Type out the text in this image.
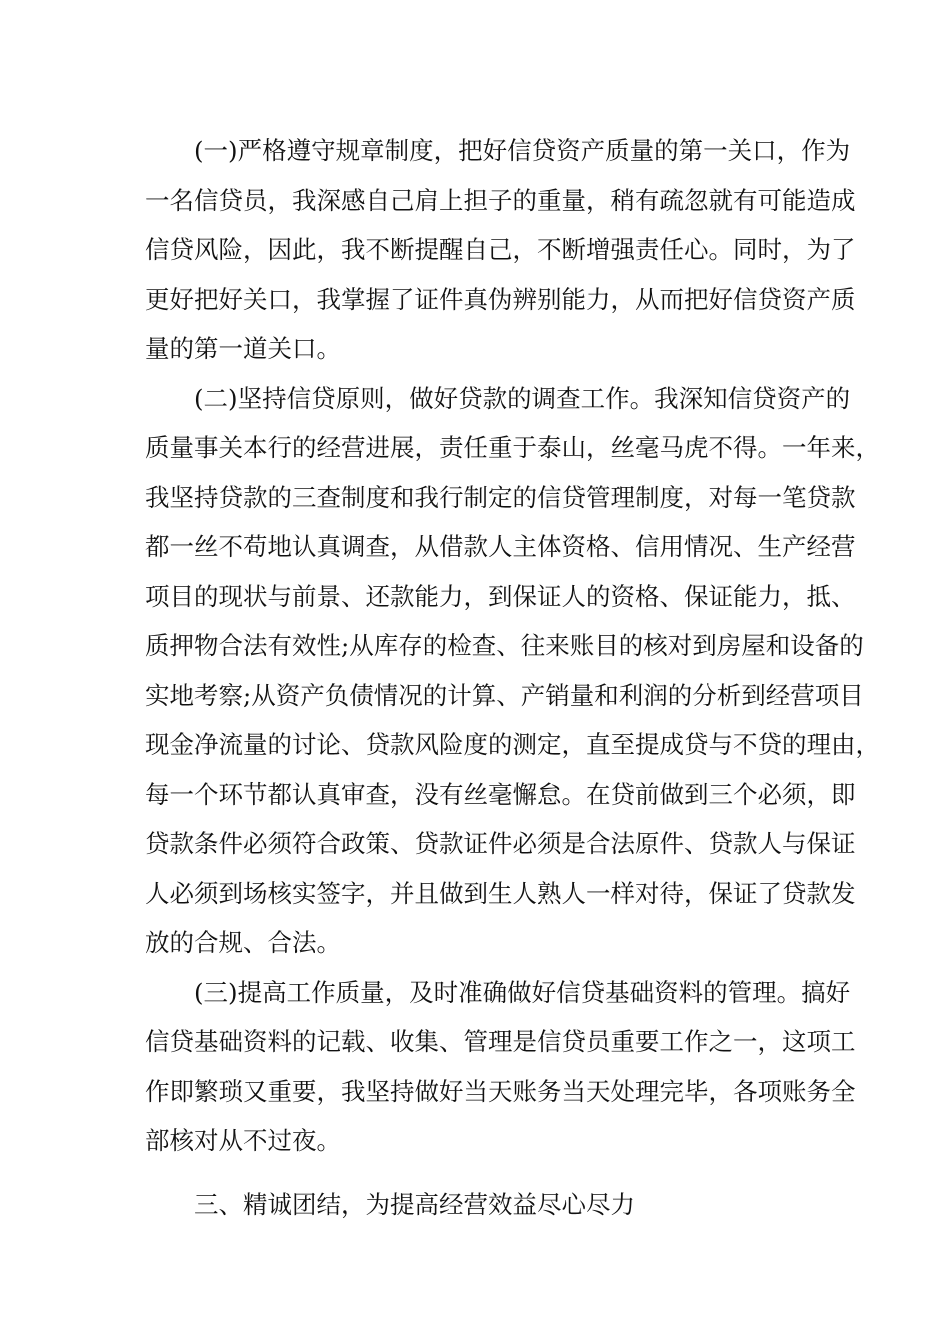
(一)严格遵守规章制度，把好信贷资产质量的第一关口，作为
一名信贷员，我深感自己肩上担子的重量，稍有疏忽就有可能造成
信贷风险，因此，我不断提醒自己，不断增强责任心。同时，为了
更好把好关口，我掌握了证件真伪辨别能力，从而把好信贷资产质
量的第一道关口。
(二)坚持信贷原则，做好贷款的调查工作。我深知信贷资产的
质量事关本行的经营进展，责任重于泰山，丝毫马虎不得。一年来，
我坚持贷款的三查制度和我行制定的信贷管理制度，对每一笔贷款
都一丝不苟地认真调查，从借款人主体资格、信用情况、生产经营
项目的现状与前景、还款能力，到保证人的资格、保证能力，抵、
质押物合法有效性;从库存的检查、往来账目的核对到房屋和设备的
实地考察;从资产负债情况的计算、产销量和利润的分析到经营项目
现金净流量的讨论、贷款风险度的测定，直至提成贷与不贷的理由，
每一个环节都认真审查，没有丝毫懈怠。在贷前做到三个必须，即
贷款条件必须符合政策、贷款证件必须是合法原件、贷款人与保证
人必须到场核实签字，并且做到生人熟人一样对待，保证了贷款发
放的合规、合法。
(三)提高工作质量，及时准确做好信贷基础资料的管理。搞好
信贷基础资料的记载、收集、管理是信贷员重要工作之一，这项工
作即繁琐又重要，我坚持做好当天账务当天处理完毕，各项账务全
部核对从不过夜。
三、精诚团结，为提高经营效益尽心尽力
